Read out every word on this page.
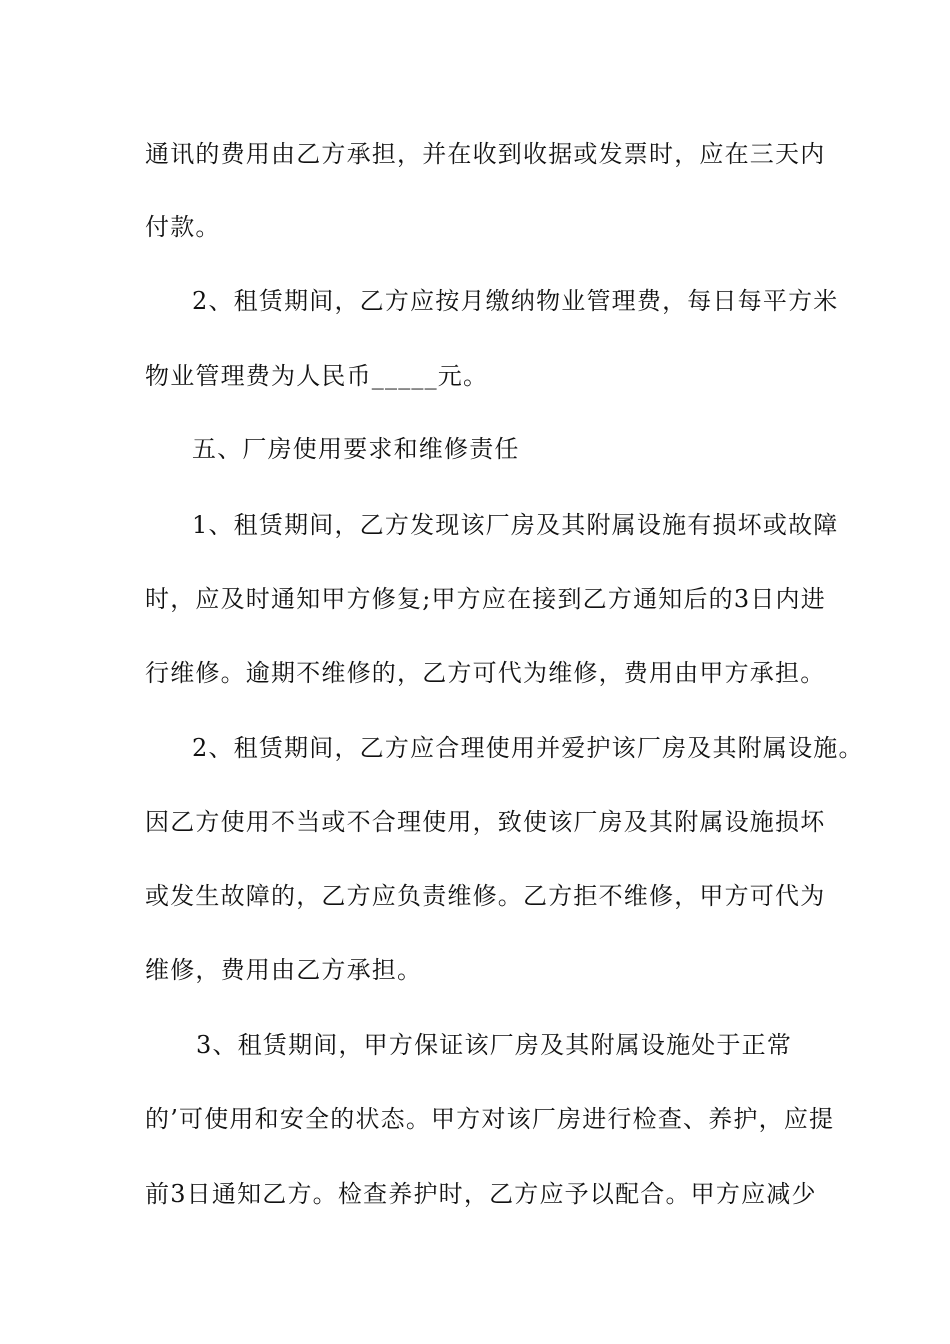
通讯的费用由乙方承担，并在收到收据或发票时，应在三天内
付款。
2、租赁期间，乙方应按月缴纳物业管理费，每日每平方米
物业管理费为人民币_____元。
五、厂房使用要求和维修责任
1、租赁期间，乙方发现该厂房及其附属设施有损坏或故障
时，应及时通知甲方修复;甲方应在接到乙方通知后的3日内进
行维修。逾期不维修的，乙方可代为维修，费用由甲方承担。
2、租赁期间，乙方应合理使用并爱护该厂房及其附属设施。
因乙方使用不当或不合理使用，致使该厂房及其附属设施损坏
或发生故障的，乙方应负责维修。乙方拒不维修，甲方可代为
维修，费用由乙方承担。
3、租赁期间，甲方保证该厂房及其附属设施处于正常
的’可使用和安全的状态。甲方对该厂房进行检查、养护，应提
前3日通知乙方。检查养护时，乙方应予以配合。甲方应减少
